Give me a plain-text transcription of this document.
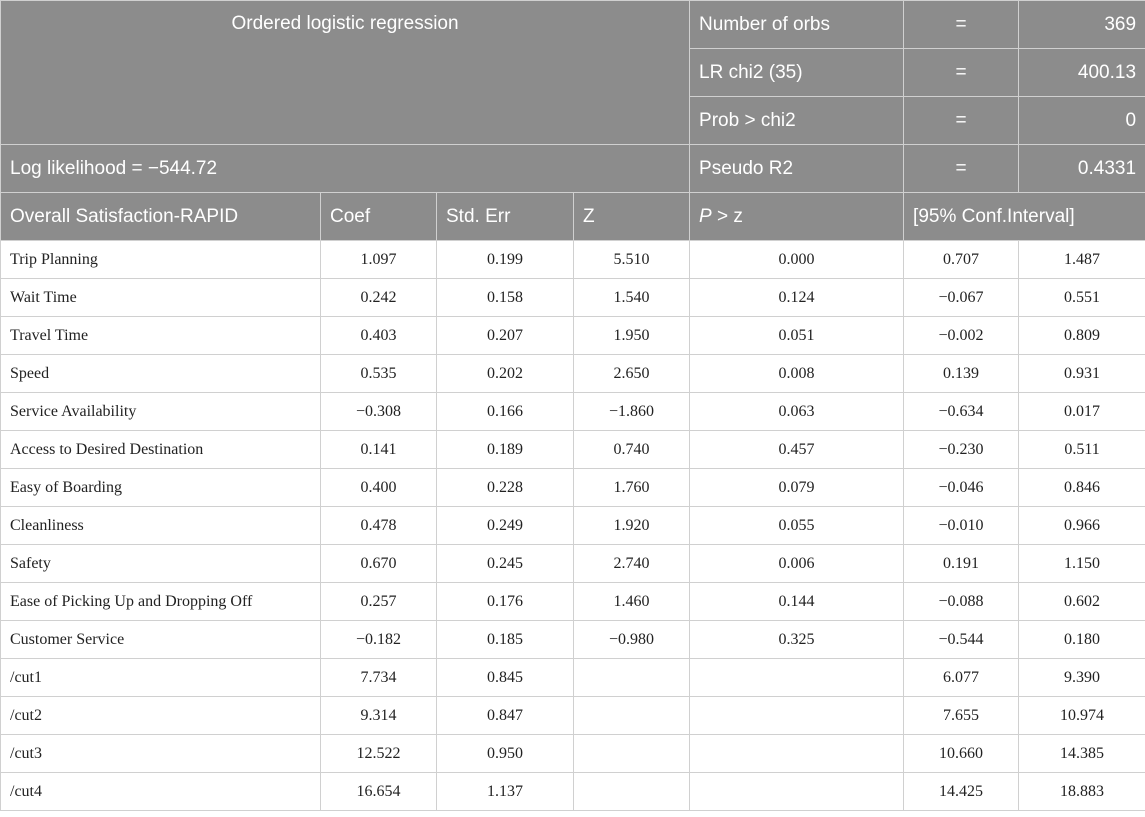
Ordered logistic regression				Number of orbs	=	369
				LR chi2 (35)	=	400.13
				Prob > chi2	=	0
Log likelihood = −544.72				Pseudo R2	=	0.4331
Overall Satisfaction-RAPID	Coef	Std. Err	Z	P > z	[95% Conf.Interval]	
Trip Planning	1.097	0.199	5.510	0.000	0.707	1.487
Wait Time	0.242	0.158	1.540	0.124	−0.067	0.551
Travel Time	0.403	0.207	1.950	0.051	−0.002	0.809
Speed	0.535	0.202	2.650	0.008	0.139	0.931
Service Availability	−0.308	0.166	−1.860	0.063	−0.634	0.017
Access to Desired Destination	0.141	0.189	0.740	0.457	−0.230	0.511
Easy of Boarding	0.400	0.228	1.760	0.079	−0.046	0.846
Cleanliness	0.478	0.249	1.920	0.055	−0.010	0.966
Safety	0.670	0.245	2.740	0.006	0.191	1.150
Ease of Picking Up and Dropping Off	0.257	0.176	1.460	0.144	−0.088	0.602
Customer Service	−0.182	0.185	−0.980	0.325	−0.544	0.180
/cut1	7.734	0.845			6.077	9.390
/cut2	9.314	0.847			7.655	10.974
/cut3	12.522	0.950			10.660	14.385
/cut4	16.654	1.137			14.425	18.883
